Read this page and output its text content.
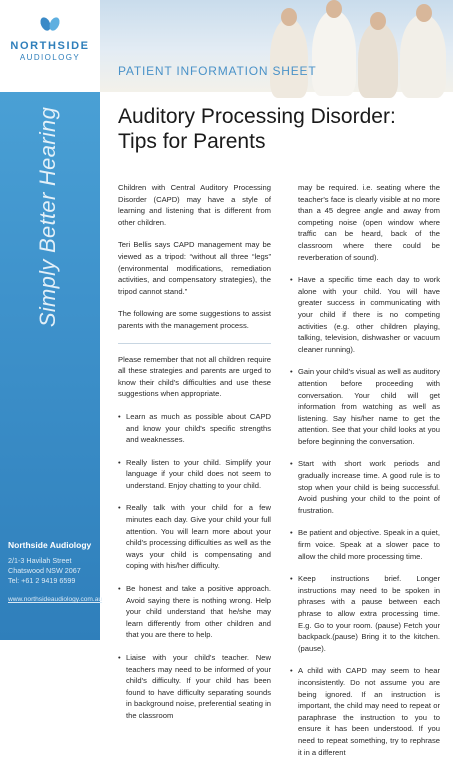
NORTHSIDE
AUDIOLOGY
Simply Better Hearing
Northside Audiology
2/1-3 Havilah Street
Chatswood NSW 2067
Tel: +61 2 9419 6599
www.northsideaudiology.com.au
PATIENT INFORMATION SHEET
Auditory Processing Disorder: Tips for Parents

Children with Central Auditory Processing Disorder (CAPD) may have a style of learning and listening that is different from other children.

Teri Bellis says CAPD management may be viewed as a tripod: “without all three “legs” (environmental modifications, remediation activities, and compensatory strategies), the tripod cannot stand.”

The following are some suggestions to assist parents with the management process.

Please remember that not all children require all these strategies and parents are urged to know their child's difficulties and use these suggestions when appropriate.

• Learn as much as possible about CAPD and know your child's specific strengths and weaknesses.
• Really listen to your child. Simplify your language if your child does not seem to understand. Enjoy chatting to your child.
• Really talk with your child for a few minutes each day. Give your child your full attention. You will learn more about your child's processing difficulties as well as the ways your child is compensating and coping with his/her difficulty.
• Be honest and take a positive approach. Avoid saying there is nothing wrong. Help your child understand that he/she may learn differently from other children and that you are there to help.
• Liaise with your child's teacher. New teachers may need to be informed of your child's difficulty. If your child has been found to have difficulty separating sounds in background noise, preferential seating in the classroom

may be required. i.e. seating where the teacher's face is clearly visible at no more than a 45 degree angle and away from competing noise (open window where traffic can be heard, back of the classroom where there could be reverberation of sound).

• Have a specific time each day to work alone with your child. You will have greater success in communicating with your child if there is no competing activities (e.g. other children playing, talking, television, dishwasher or vacuum cleaner running).
• Gain your child's visual as well as auditory attention before proceeding with conversation. Your child will get information from watching as well as listening. Say his/her name to get the attention. See that your child looks at you before beginning the conversation.
• Start with short work periods and gradually increase time. A good rule is to stop when your child is being successful. Avoid pushing your child to the point of frustration.
• Be patient and objective. Speak in a quiet, firm voice. Speak at a slower pace to allow the child more processing time.
• Keep instructions brief. Longer instructions may need to be spoken in phrases with a pause between each phrase to allow extra processing time. E.g. Go to your room. (pause) Fetch your backpack.(pause) Bring it to the kitchen.(pause).
• A child with CAPD may seem to hear inconsistently. Do not assume you are being ignored. If an instruction is important, the child may need to repeat or paraphrase the instruction to you to ensure it has been understood. If you need to repeat something, try to rephrase it in a different
